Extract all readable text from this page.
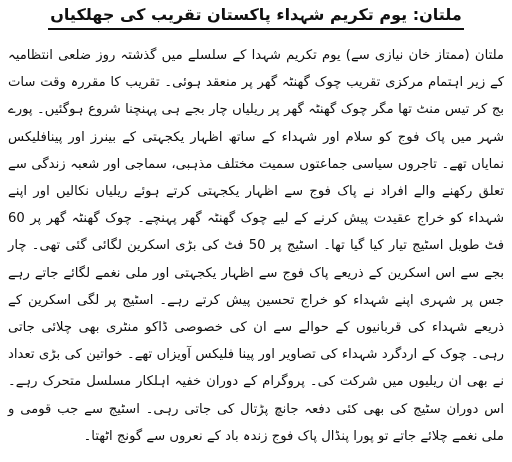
ملتان: یوم تکریم شہداء پاکستان تقریب کی جھلکیاں

ملتان (ممتاز خان نیازی سے) یوم تکریم شہدا کے سلسلے میں گذشتہ روز ضلعی انتظامیہ کے زیر اہتمام مرکزی تقریب چوک گھنٹہ گھر پر منعقد ہوئی۔ تقریب کا مقررہ وقت سات بج کر تیس منٹ تھا مگر چوک گھنٹہ گھر پر ریلیاں چار بجے ہی پہنچنا شروع ہوگئیں۔ پورے شہر میں پاک فوج کو سلام اور شہداء کے ساتھ اظہار یکجہتی کے بینرز اور پینافلیکس نمایاں تھے۔ تاجروں سیاسی جماعتوں سمیت مختلف مذہبی، سماجی اور شعبہ زندگی سے تعلق رکھنے والے افراد نے پاک فوج سے اظہار یکجہتی کرتے ہوئے ریلیاں نکالیں اور اپنے شہداء کو خراج عقیدت پیش کرنے کے لیے چوک گھنٹہ گھر پہنچے۔ چوک گھنٹہ گھر پر 60 فٹ طویل اسٹیج تیار کیا گیا تھا۔ اسٹیج پر 50 فٹ کی بڑی اسکرین لگائی گئی تھی۔ چار بجے سے اس اسکرین کے ذریعے پاک فوج سے اظہار یکجہتی اور ملی نغمے لگائے جاتے رہے جس پر شہری اپنے شہداء کو خراج تحسین پیش کرتے رہے۔ اسٹیج پر لگی اسکرین کے ذریعے شہداء کی قربانیوں کے حوالے سے ان کی خصوصی ڈاکو منٹری بھی چلائی جاتی رہی۔ چوک کے اردگرد شہداء کی تصاویر اور پینا فلیکس آویزاں تھے۔ خواتین کی بڑی تعداد نے بھی ان ریلیوں میں شرکت کی۔ پروگرام کے دوران خفیہ اہلکار مسلسل متحرک رہے۔ اس دوران سٹیج کی بھی کئی دفعہ جانچ پڑتال کی جاتی رہی۔ اسٹیج سے جب قومی و ملی نغمے چلائے جاتے تو پورا پنڈال پاک فوج زندہ باد کے نعروں سے گونج اٹھتا۔
